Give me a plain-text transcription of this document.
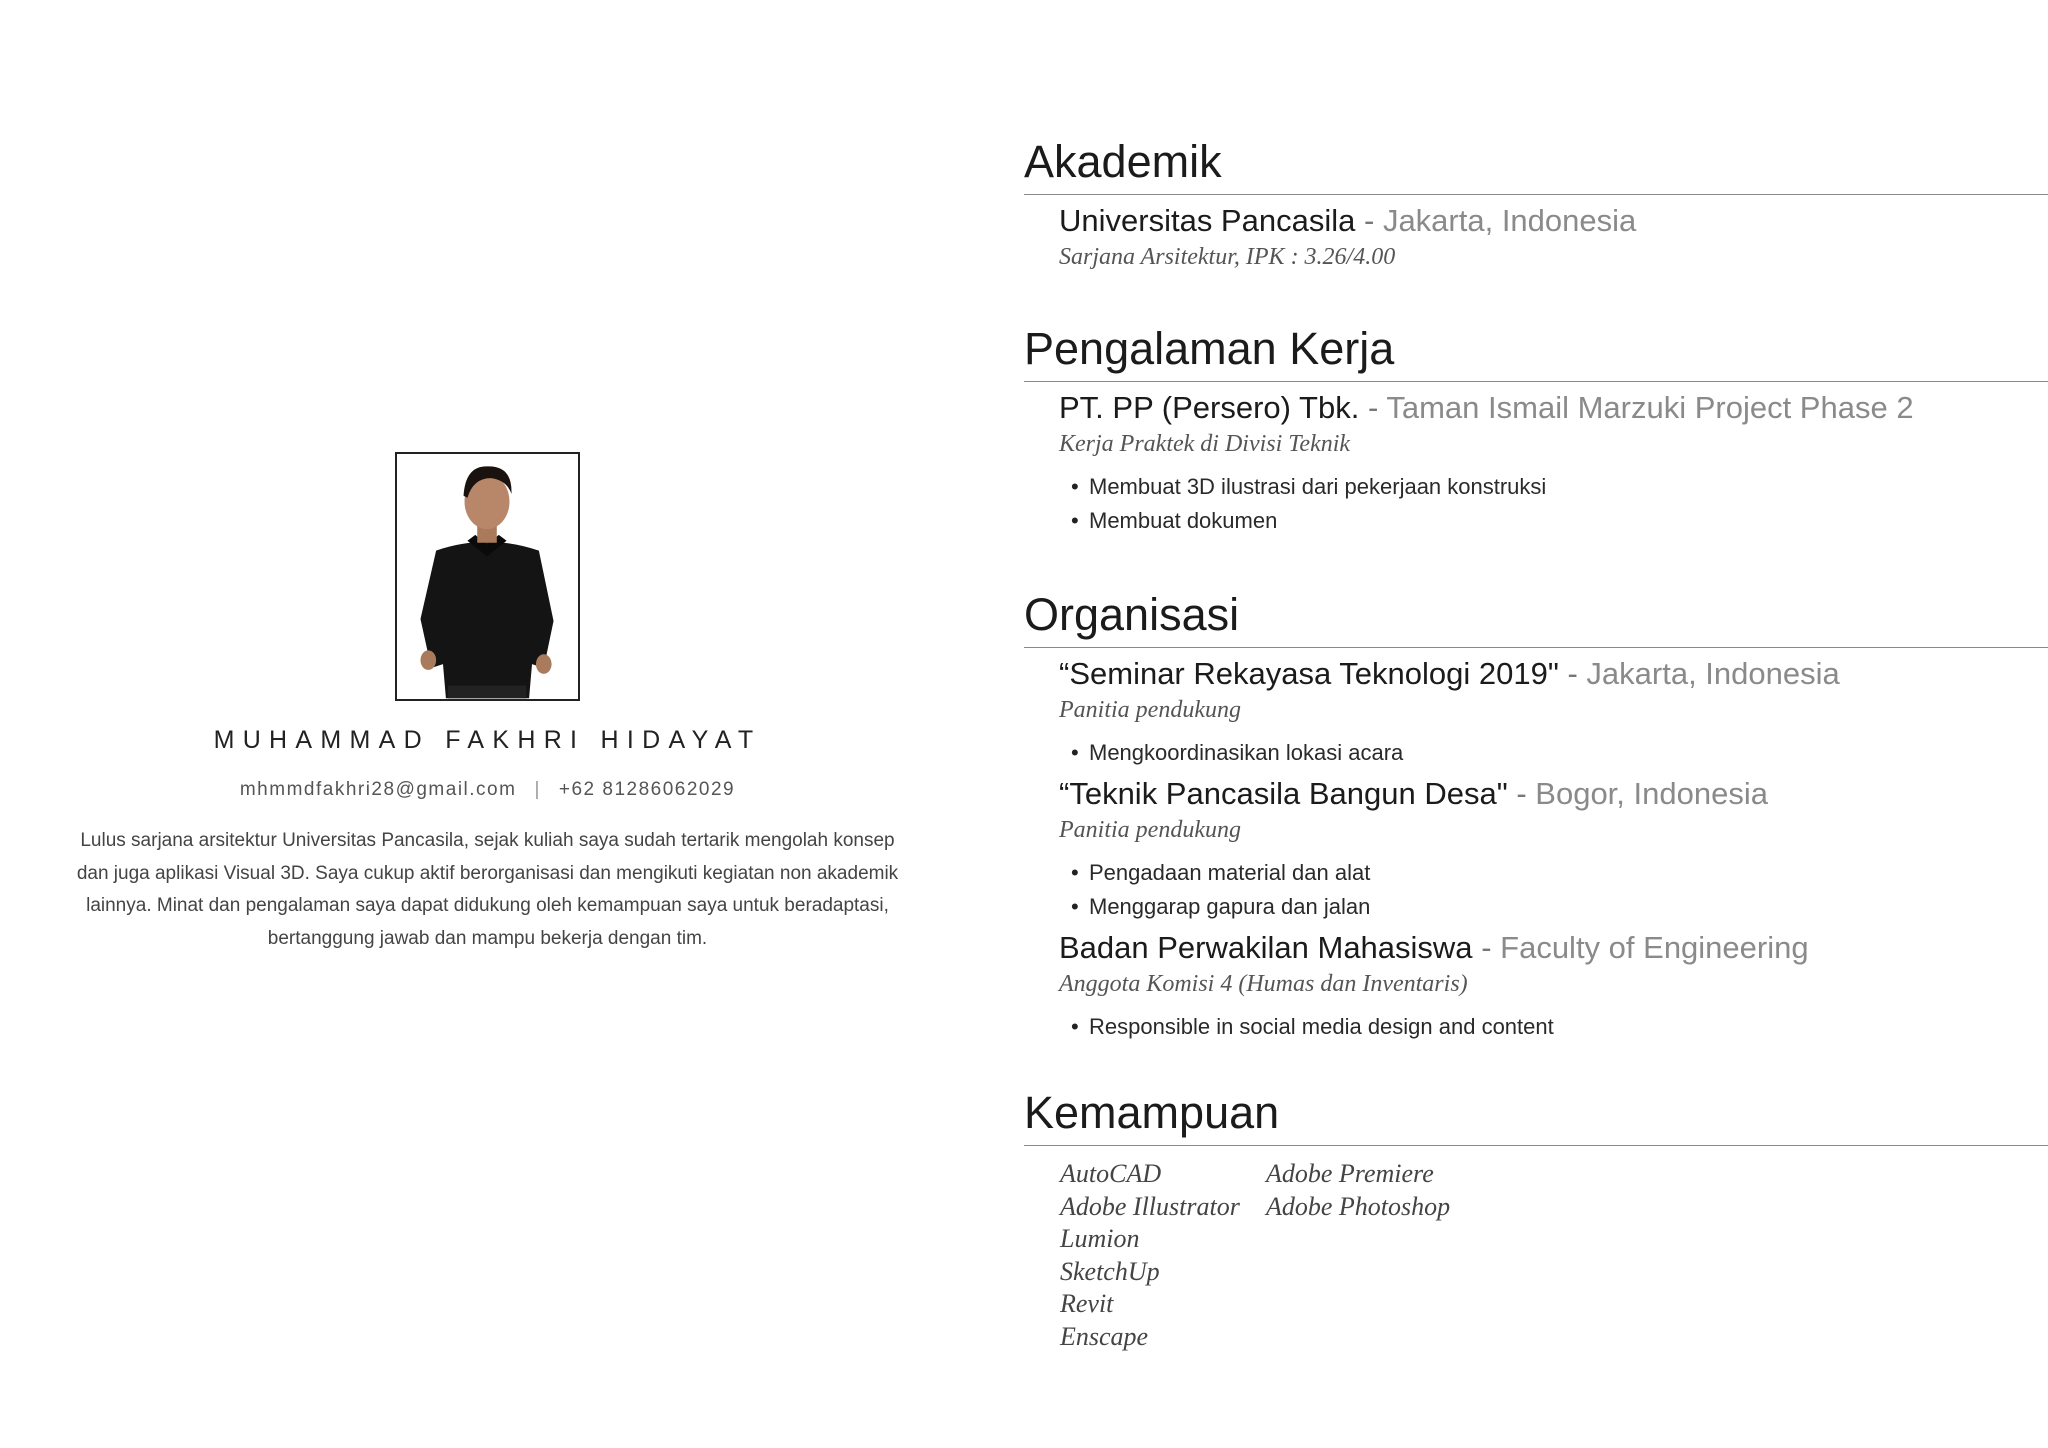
MUHAMMAD FAKHRI HIDAYAT
mhmmdfakhri28@gmail.com | +62 81286062029
Lulus sarjana arsitektur Universitas Pancasila, sejak kuliah saya sudah tertarik mengolah konsep dan juga aplikasi Visual 3D. Saya cukup aktif berorganisasi dan mengikuti kegiatan non akademik lainnya. Minat dan pengalaman saya dapat didukung oleh kemampuan saya untuk beradaptasi, bertanggung jawab dan mampu bekerja dengan tim.
Akademik
Universitas Pancasila - Jakarta, Indonesia
Sarjana Arsitektur, IPK : 3.26/4.00
Pengalaman Kerja
PT. PP (Persero) Tbk. - Taman Ismail Marzuki Project Phase 2
Kerja Praktek di Divisi Teknik
• Membuat 3D ilustrasi dari pekerjaan konstruksi
• Membuat dokumen
Organisasi
“Seminar Rekayasa Teknologi 2019" - Jakarta, Indonesia
Panitia pendukung
• Mengkoordinasikan lokasi acara
“Teknik Pancasila Bangun Desa" - Bogor, Indonesia
Panitia pendukung
• Pengadaan material dan alat
• Menggarap gapura dan jalan
Badan Perwakilan Mahasiswa - Faculty of Engineering
Anggota Komisi 4 (Humas dan Inventaris)
• Responsible in social media design and content
Kemampuan
AutoCAD
Adobe Illustrator
Lumion
SketchUp
Revit
Enscape
Adobe Premiere
Adobe Photoshop
